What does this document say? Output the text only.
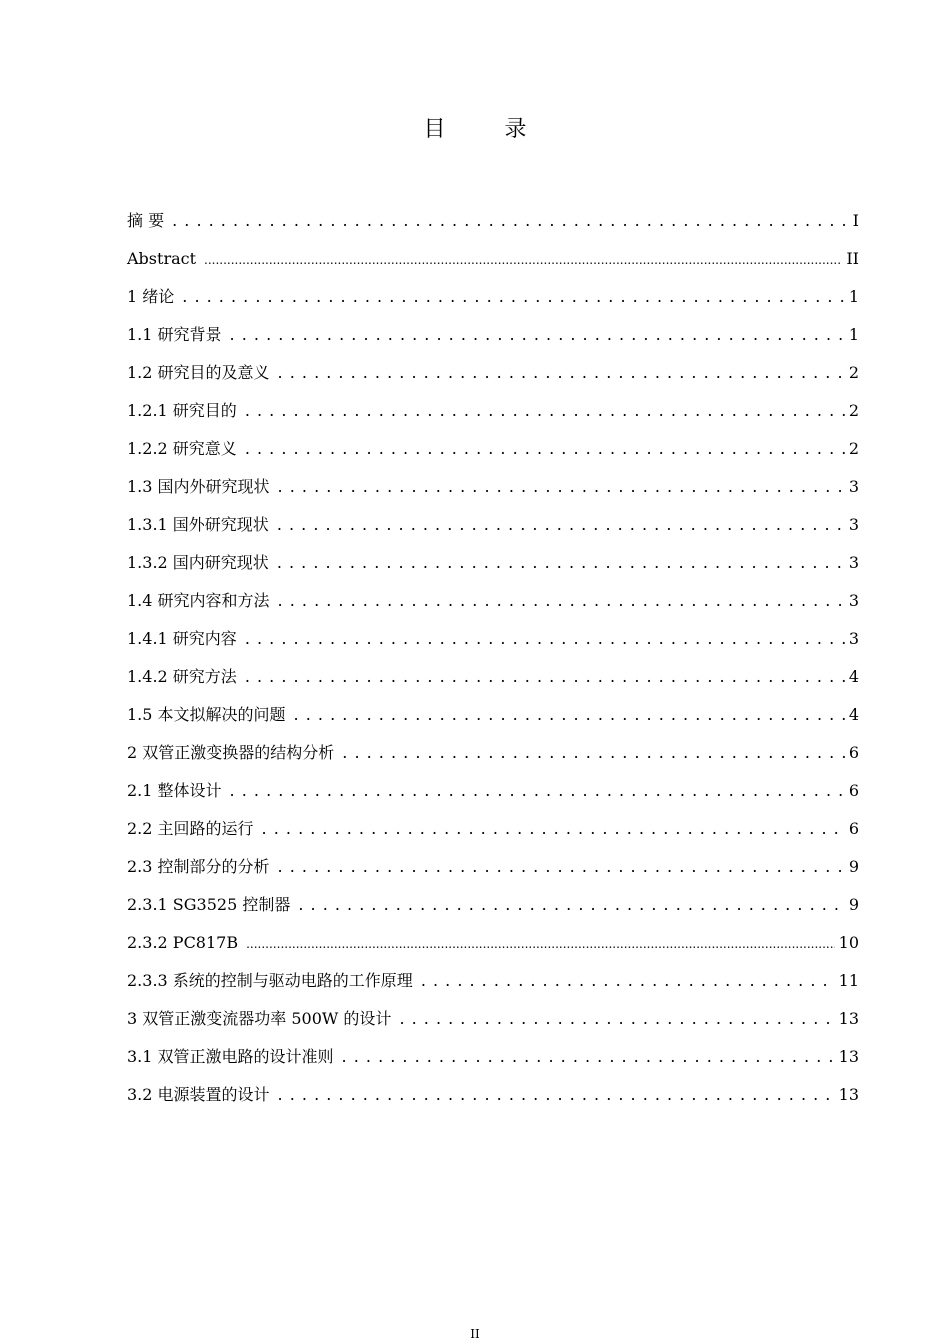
目 录
摘 要 . . .	I
Abstract .....	II
1 绪论 . . .	1
1.1 研究背景 . . .	1
1.2 研究目的及意义 . . .	2
1.2.1 研究目的 . . .	2
1.2.2 研究意义 . . .	2
1.3 国内外研究现状 . . .	3
1.3.1 国外研究现状 . . .	3
1.3.2 国内研究现状 . . .	3
1.4 研究内容和方法 . . .	3
1.4.1 研究内容 . . .	3
1.4.2 研究方法 . . .	4
1.5 本文拟解决的问题 . . .	4
2 双管正激变换器的结构分析 . . .	6
2.1 整体设计 . . .	6
2.2 主回路的运行 . . .	6
2.3 控制部分的分析 . . .	9
2.3.1 SG3525 控制器 . . .	9
2.3.2 PC817B .....	10
2.3.3 系统的控制与驱动电路的工作原理 . . .	11
3 双管正激变流器功率 500W 的设计 . . .	13
3.1 双管正激电路的设计准则 . . .	13
3.2 电源装置的设计 . . .	13
II
